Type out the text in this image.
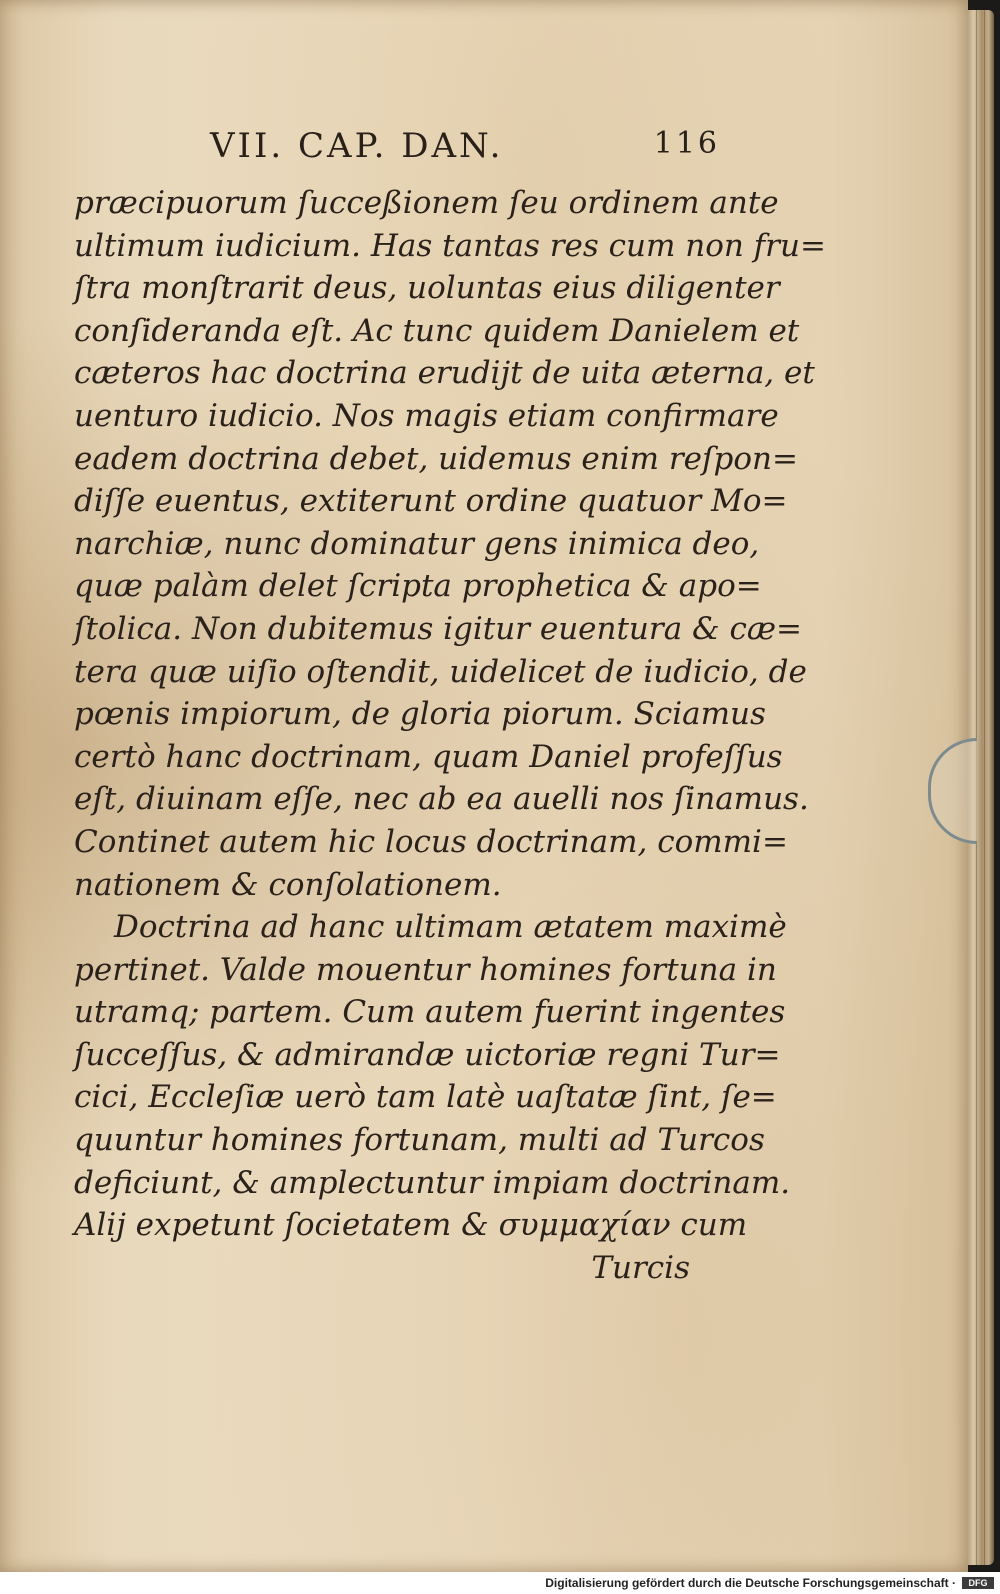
VII. CAP. DAN.	116
præcipuorum ſucceßionem ſeu ordinem ante
ultimum iudicium. Has tantas res cum non fru=
ſtra monſtrarit deus, uoluntas eius diligenter
conſideranda eſt. Ac tunc quidem Danielem et
cæteros hac doctrina erudijt de uita æterna, et
uenturo iudicio. Nos magis etiam confirmare
eadem doctrina debet, uidemus enim reſpon=
diſſe euentus, extiterunt ordine quatuor Mo=
narchiæ, nunc dominatur gens inimica deo,
quæ palàm delet ſcripta prophetica & apo=
ſtolica. Non dubitemus igitur euentura & cæ=
tera quæ uiſio oſtendit, uidelicet de iudicio, de
pœnis impiorum, de gloria piorum. Sciamus
certò hanc doctrinam, quam Daniel profeſſus
eſt, diuinam eſſe, nec ab ea auelli nos ſinamus.
Continet autem hic locus doctrinam, commi=
nationem & conſolationem.
Doctrina ad hanc ultimam ætatem maximè
pertinet. Valde mouentur homines fortuna in
utramq; partem. Cum autem fuerint ingentes
ſucceſſus, & admirandæ uictoriæ regni Tur=
cici, Eccleſiæ uerò tam latè uaſtatæ ſint, ſe=
quuntur homines fortunam, multi ad Turcos
deficiunt, & amplectuntur impiam doctrinam.
Alij expetunt ſocietatem & συμμαχίαν cum
Turcis
Digitalisierung gefördert durch die Deutsche Forschungsgemeinschaft ·	DFG
